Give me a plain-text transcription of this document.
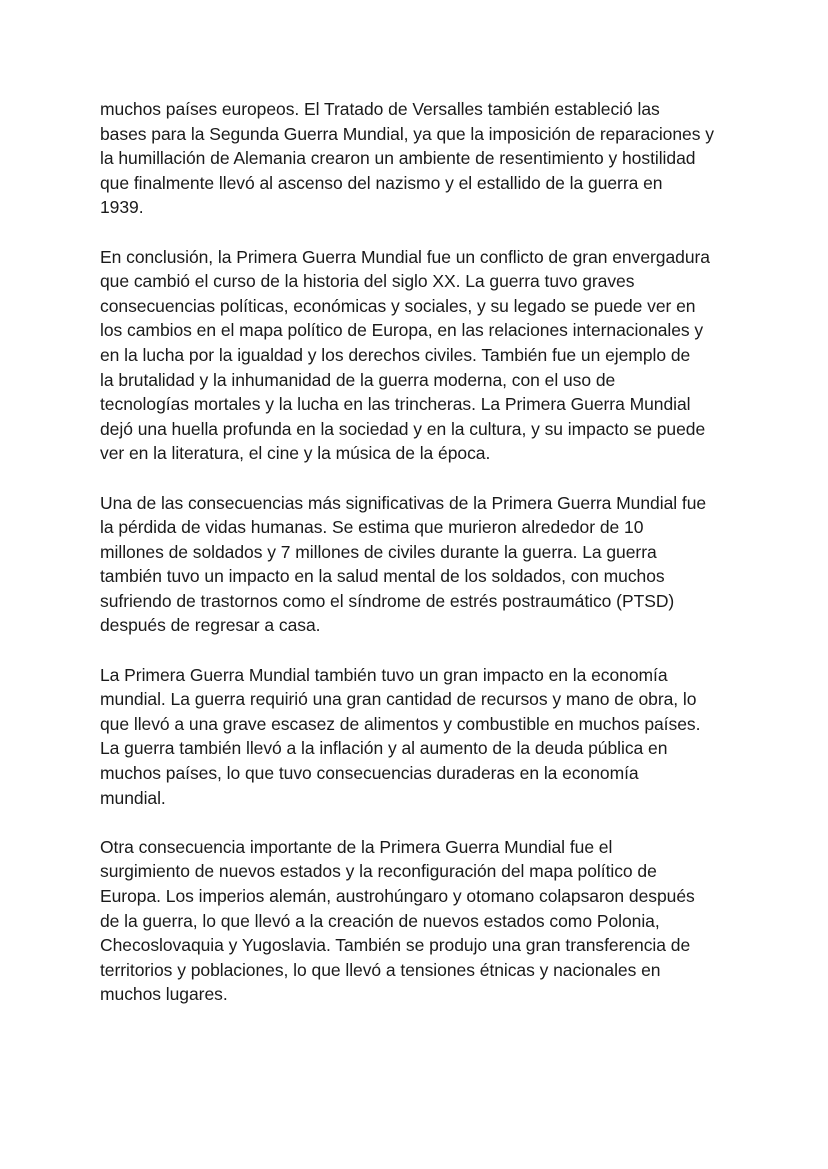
muchos países europeos. El Tratado de Versalles también estableció las
bases para la Segunda Guerra Mundial, ya que la imposición de reparaciones y
la humillación de Alemania crearon un ambiente de resentimiento y hostilidad
que finalmente llevó al ascenso del nazismo y el estallido de la guerra en
1939.

En conclusión, la Primera Guerra Mundial fue un conflicto de gran envergadura
que cambió el curso de la historia del siglo XX. La guerra tuvo graves
consecuencias políticas, económicas y sociales, y su legado se puede ver en
los cambios en el mapa político de Europa, en las relaciones internacionales y
en la lucha por la igualdad y los derechos civiles. También fue un ejemplo de
la brutalidad y la inhumanidad de la guerra moderna, con el uso de
tecnologías mortales y la lucha en las trincheras. La Primera Guerra Mundial
dejó una huella profunda en la sociedad y en la cultura, y su impacto se puede
ver en la literatura, el cine y la música de la época.

Una de las consecuencias más significativas de la Primera Guerra Mundial fue
la pérdida de vidas humanas. Se estima que murieron alrededor de 10
millones de soldados y 7 millones de civiles durante la guerra. La guerra
también tuvo un impacto en la salud mental de los soldados, con muchos
sufriendo de trastornos como el síndrome de estrés postraumático (PTSD)
después de regresar a casa.

La Primera Guerra Mundial también tuvo un gran impacto en la economía
mundial. La guerra requirió una gran cantidad de recursos y mano de obra, lo
que llevó a una grave escasez de alimentos y combustible en muchos países.
La guerra también llevó a la inflación y al aumento de la deuda pública en
muchos países, lo que tuvo consecuencias duraderas en la economía
mundial.

Otra consecuencia importante de la Primera Guerra Mundial fue el
surgimiento de nuevos estados y la reconfiguración del mapa político de
Europa. Los imperios alemán, austrohúngaro y otomano colapsaron después
de la guerra, lo que llevó a la creación de nuevos estados como Polonia,
Checoslovaquia y Yugoslavia. También se produjo una gran transferencia de
territorios y poblaciones, lo que llevó a tensiones étnicas y nacionales en
muchos lugares.
